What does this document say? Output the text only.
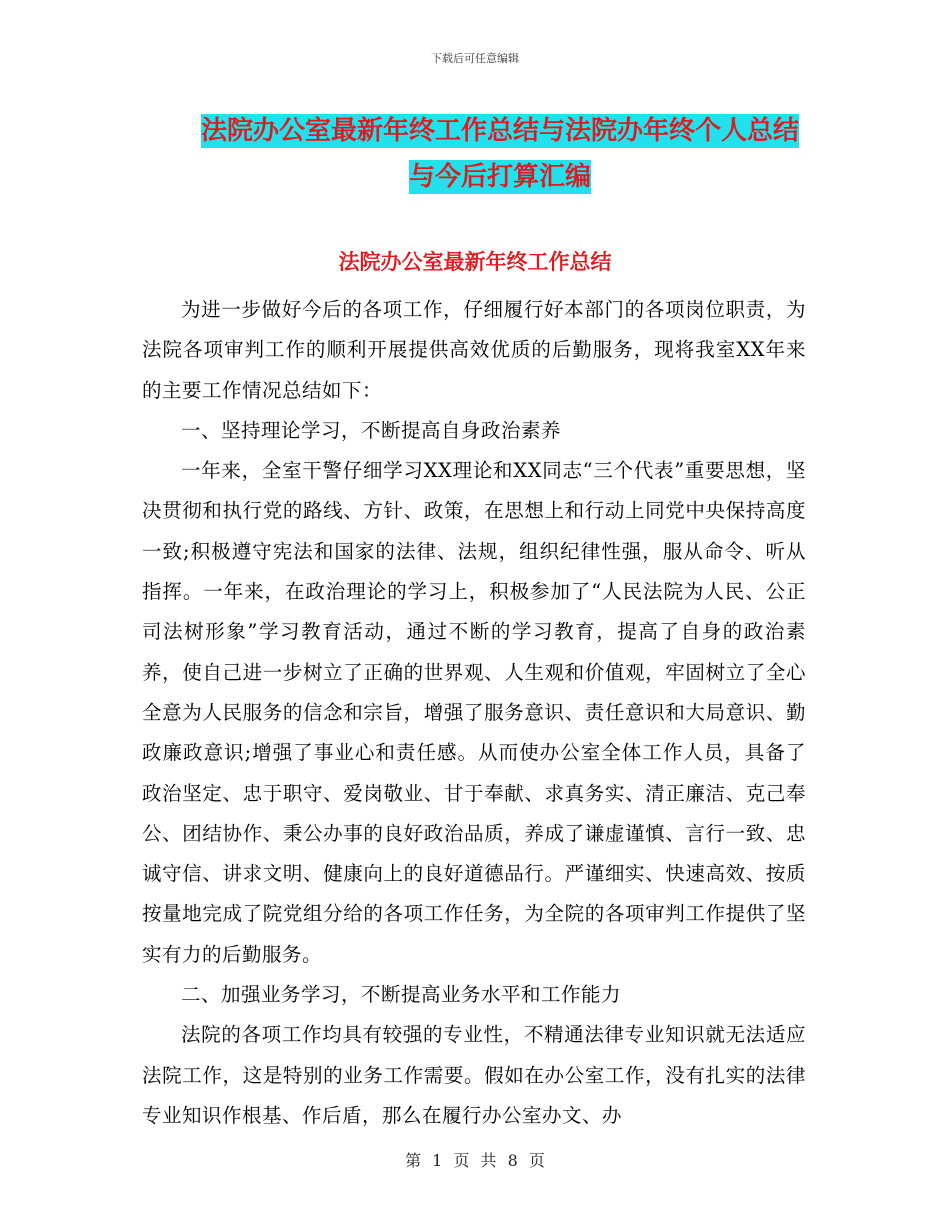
下载后可任意编辑
法院办公室最新年终工作总结与法院办年终个人总结
与今后打算汇编
法院办公室最新年终工作总结

为进一步做好今后的各项工作，仔细履行好本部门的各项岗位职责，为法院各项审判工作的顺利开展提供高效优质的后勤服务，现将我室XX年来的主要工作情况总结如下：

一、坚持理论学习，不断提高自身政治素养

一年来，全室干警仔细学习XX理论和XX同志“三个代表”重要思想，坚决贯彻和执行党的路线、方针、政策，在思想上和行动上同党中央保持高度一致;积极遵守宪法和国家的法律、法规，组织纪律性强，服从命令、听从指挥。一年来，在政治理论的学习上，积极参加了“人民法院为人民、公正司法树形象”学习教育活动，通过不断的学习教育，提高了自身的政治素养，使自己进一步树立了正确的世界观、人生观和价值观，牢固树立了全心全意为人民服务的信念和宗旨，增强了服务意识、责任意识和大局意识、勤政廉政意识;增强了事业心和责任感。从而使办公室全体工作人员，具备了政治坚定、忠于职守、爱岗敬业、甘于奉献、求真务实、清正廉洁、克己奉公、团结协作、秉公办事的良好政治品质，养成了谦虚谨慎、言行一致、忠诚守信、讲求文明、健康向上的良好道德品行。严谨细实、快速高效、按质按量地完成了院党组分给的各项工作任务，为全院的各项审判工作提供了坚实有力的后勤服务。

二、加强业务学习，不断提高业务水平和工作能力

法院的各项工作均具有较强的专业性，不精通法律专业知识就无法适应法院工作，这是特别的业务工作需要。假如在办公室工作，没有扎实的法律专业知识作根基、作后盾，那么在履行办公室办文、办

第 1 页 共 8 页
